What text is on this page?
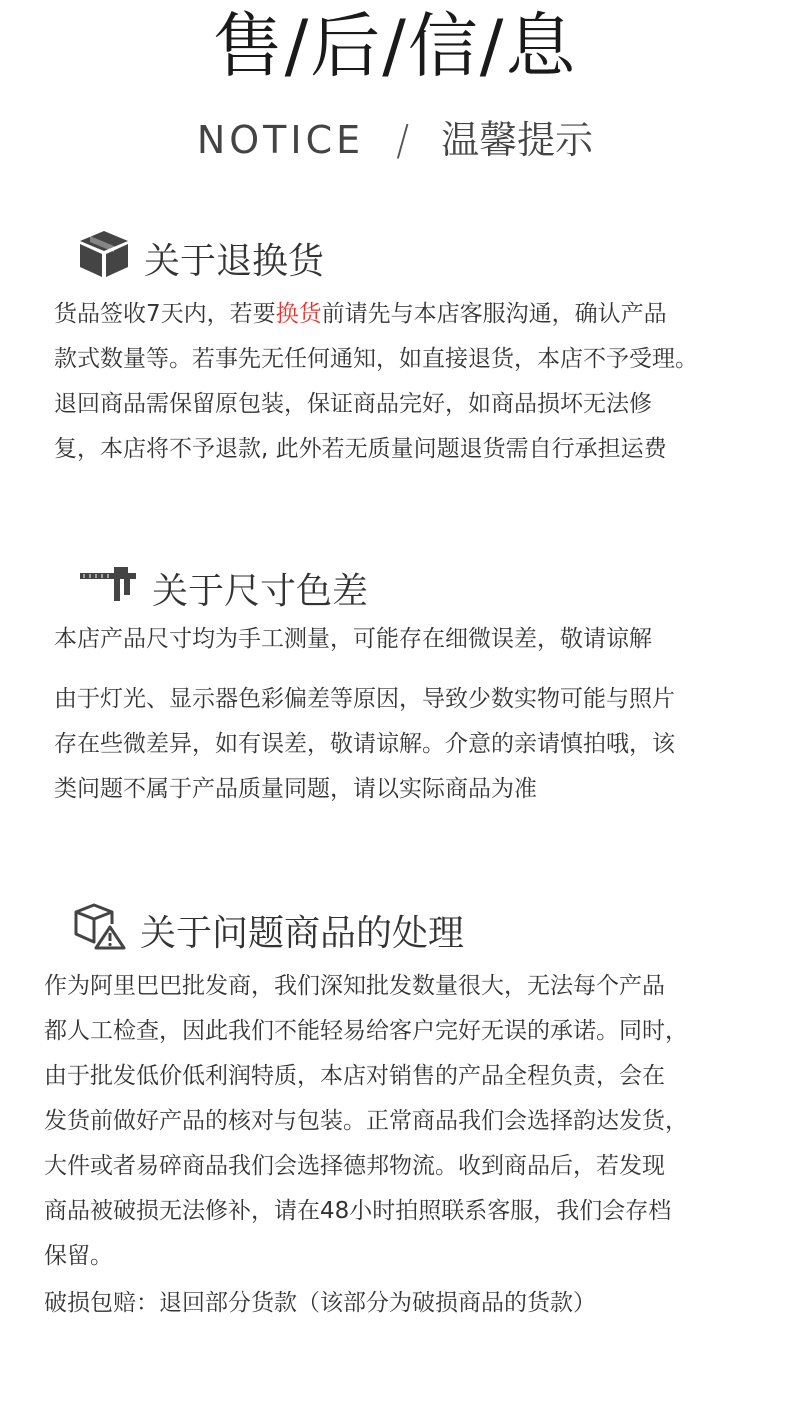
售/后/信/息
NOTICE / 温馨提示
关于退换货
货品签收7天内，若要换货前请先与本店客服沟通，确认产品
款式数量等。若事先无任何通知，如直接退货，本店不予受理。
退回商品需保留原包装，保证商品完好，如商品损坏无法修
复，本店将不予退款, 此外若无质量问题退货需自行承担运费
关于尺寸色差
本店产品尺寸均为手工测量，可能存在细微误差，敬请谅解
由于灯光、显示器色彩偏差等原因，导致少数实物可能与照片
存在些微差异，如有误差，敬请谅解。介意的亲请慎拍哦，该
类问题不属于产品质量同题，请以实际商品为准
关于问题商品的处理
作为阿里巴巴批发商，我们深知批发数量很大，无法每个产品
都人工检查，因此我们不能轻易给客户完好无误的承诺。同时，
由于批发低价低利润特质，本店对销售的产品全程负责，会在
发货前做好产品的核对与包装。正常商品我们会选择韵达发货，
大件或者易碎商品我们会选择德邦物流。收到商品后，若发现
商品被破损无法修补，请在48小时拍照联系客服，我们会存档
保留。
破损包赔：退回部分货款（该部分为破损商品的货款）
